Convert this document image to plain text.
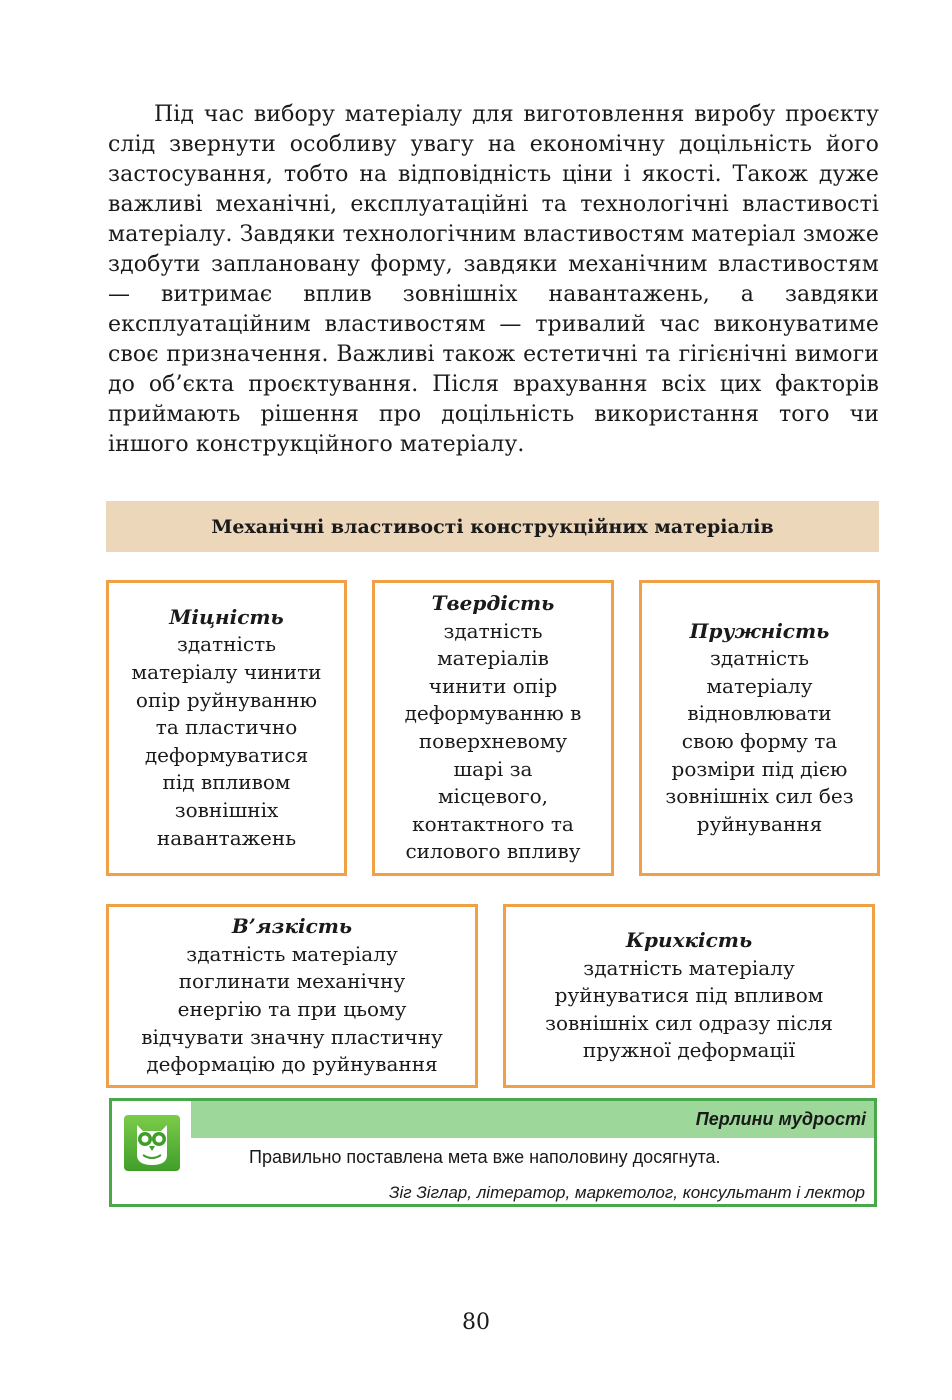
Під час вибору матеріалу для виготовлення виробу проєкту слід звернути особливу увагу на економічну доцільність його застосування, тобто на відповідність ціни і якості. Також дуже важливі механічні, експлуатаційні та технологічні властивості матеріалу. Завдяки технологічним властивостям матеріал зможе здобути заплановану форму, завдяки механічним властивостям — витримає вплив зовнішніх навантажень, а завдяки експлуатаційним властивостям — тривалий час виконуватиме своє призначення. Важливі також естетичні та гігієнічні вимоги до об’єкта проєктування. Після врахування всіх цих факторів приймають рішення про доцільність використання того чи іншого конструкційного матеріалу.

Механічні властивості конструкційних матеріалів
Міцність
здатність
матеріалу чинити
опір руйнуванню
та пластично
деформуватися
під впливом
зовнішніх
навантажень
Твердість
здатність
матеріалів
чинити опір
деформуванню в
поверхневому
шарі за
місцевого,
контактного та
силового впливу
Пружність
здатність
матеріалу
відновлювати
свою форму та
розміри під дією
зовнішніх сил без
руйнування
В’язкість
здатність матеріалу
поглинати механічну
енергію та при цьому
відчувати значну пластичну
деформацію до руйнування
Крихкість
здатність матеріалу
руйнуватися під впливом
зовнішніх сил одразу після
пружної деформації
Перлини мудрості
Правильно поставлена мета вже наполовину досягнута.
Зіг Зіглар, літератор, маркетолог, консультант і лектор
80
